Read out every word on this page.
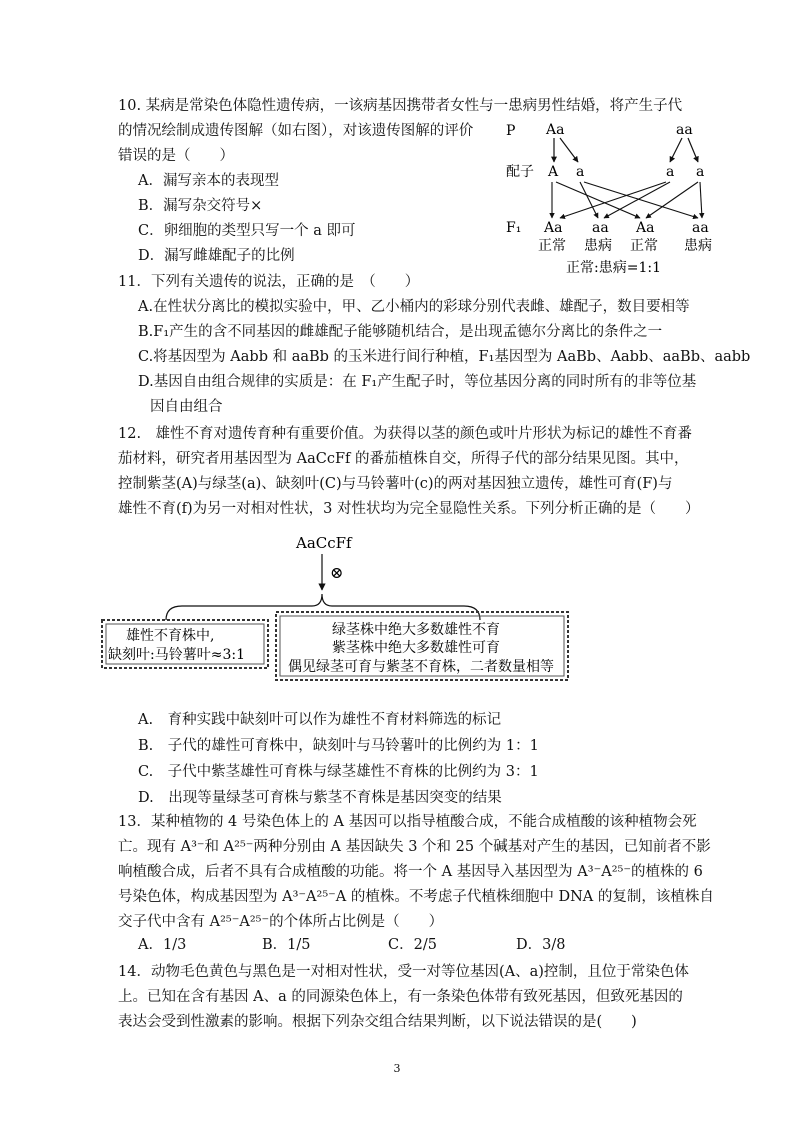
10. 某病是常染色体隐性遗传病，一该病基因携带者女性与一患病男性结婚，将产生子代
的情况绘制成遗传图解（如右图），对该遗传图解的评价
错误的是（　　）
A．漏写亲本的表现型
B．漏写杂交符号×
C．卵细胞的类型只写一个 a 即可
D．漏写雌雄配子的比例
P Aa	aa
配子 A a	a a
F₁ Aa aa Aa	aa
正常 患病 正常 患病
正常:患病=1:1
11．下列有关遗传的说法，正确的是　（　　）
A.在性状分离比的模拟实验中，甲、乙小桶内的彩球分别代表雌、雄配子，数目要相等
B.F₁产生的含不同基因的雌雄配子能够随机结合，是出现孟德尔分离比的条件之一
C.将基因型为 Aabb 和 aaBb 的玉米进行间行种植，F₁基因型为 AaBb、Aabb、aaBb、aabb
D.基因自由组合规律的实质是：在 F₁产生配子时，等位基因分离的同时所有的非等位基
因自由组合
12.　雄性不育对遗传育种有重要价值。为获得以茎的颜色或叶片形状为标记的雄性不育番
茄材料，研究者用基因型为 AaCcFf 的番茄植株自交，所得子代的部分结果见图。其中，
控制紫茎(A)与绿茎(a)、缺刻叶(C)与马铃薯叶(c)的两对基因独立遗传，雄性可育(F)与
雄性不育(f)为另一对相对性状，3 对性状均为完全显隐性关系。下列分析正确的是（　　）
AaCcFf
⊗
雄性不育株中,
缺刻叶:马铃薯叶≈3:1
绿茎株中绝大多数雄性不育
紫茎株中绝大多数雄性可育
偶见绿茎可育与紫茎不育株，二者数量相等
A.　育种实践中缺刻叶可以作为雄性不育材料筛选的标记
B.　子代的雄性可育株中，缺刻叶与马铃薯叶的比例约为 1：1
C.　子代中紫茎雄性可育株与绿茎雄性不育株的比例约为 3：1
D.　出现等量绿茎可育株与紫茎不育株是基因突变的结果
13．某种植物的 4 号染色体上的 A 基因可以指导植酸合成，不能合成植酸的该种植物会死
亡。现有 A³⁻和 A²⁵⁻两种分别由 A 基因缺失 3 个和 25 个碱基对产生的基因，已知前者不影
响植酸合成，后者不具有合成植酸的功能。将一个 A 基因导入基因型为 A³⁻A²⁵⁻的植株的 6
号染色体，构成基因型为 A³⁻A²⁵⁻A 的植株。不考虑子代植株细胞中 DNA 的复制，该植株自
交子代中含有 A²⁵⁻A²⁵⁻的个体所占比例是（　　）
A．1/3	B．1/5	C．2/5	D．3/8
14．动物毛色黄色与黑色是一对相对性状，受一对等位基因(A、a)控制，且位于常染色体
上。已知在含有基因 A、a 的同源染色体上，有一条染色体带有致死基因，但致死基因的
表达会受到性激素的影响。根据下列杂交组合结果判断，以下说法错误的是(　　)
3
